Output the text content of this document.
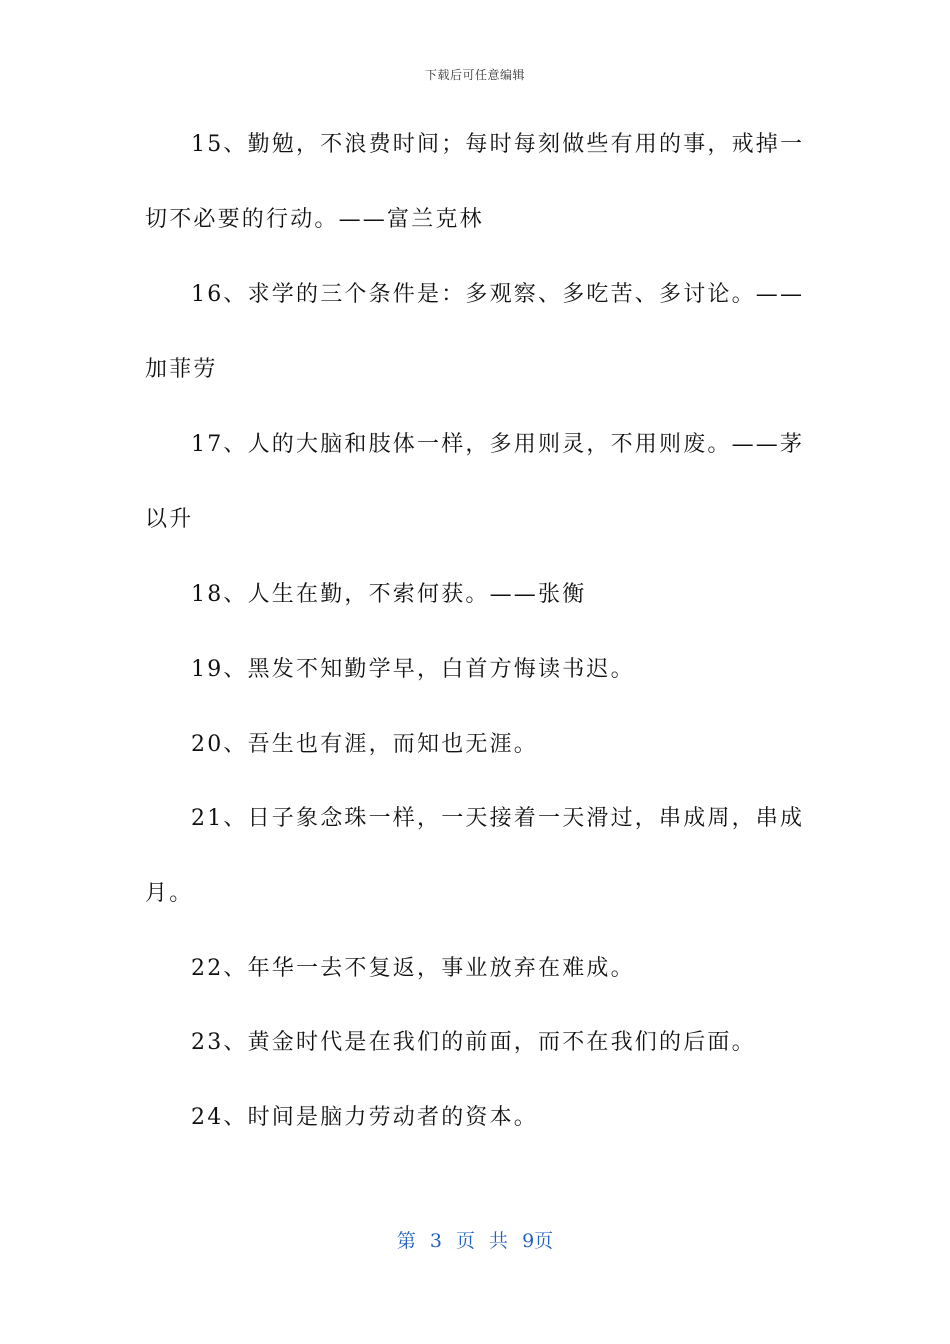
下载后可任意编辑
15、勤勉，不浪费时间；每时每刻做些有用的事，戒掉一
切不必要的行动。——富兰克林
16、求学的三个条件是：多观察、多吃苦、多讨论。——
加菲劳
17、人的大脑和肢体一样，多用则灵，不用则废。——茅
以升
18、人生在勤，不索何获。——张衡
19、黑发不知勤学早，白首方悔读书迟。
20、吾生也有涯，而知也无涯。
21、日子象念珠一样，一天接着一天滑过，串成周，串成
月。
22、年华一去不复返，事业放弃在难成。
23、黄金时代是在我们的前面，而不在我们的后面。
24、时间是脑力劳动者的资本。
第 3 页 共 9页
